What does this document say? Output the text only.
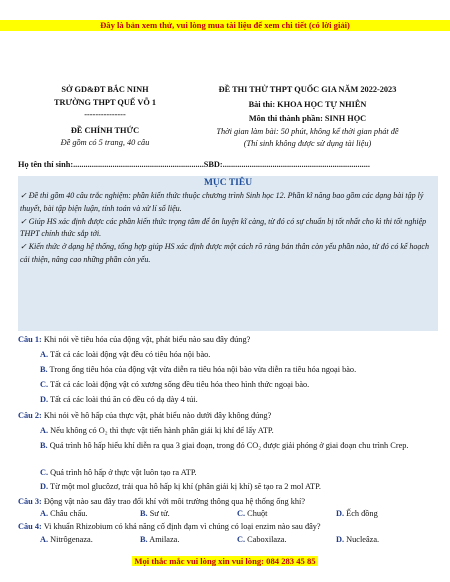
Đây là bản xem thử, vui lòng mua tài liệu để xem chi tiết (có lời giải)
SỞ GD&ĐT BẮC NINH
TRƯỜNG THPT QUẾ VÕ 1
---------------
ĐỀ CHÍNH THỨC
Đề gồm có 5 trang, 40 câu
ĐỀ THI THỬ THPT QUỐC GIA NĂM 2022-2023
Bài thi: KHOA HỌC TỰ NHIÊN
Môn thi thành phần: SINH HỌC
Thời gian làm bài: 50 phút, không kể thời gian phát đề
(Thí sinh không được sử dụng tài liệu)
Họ tên thí sinh:...............................................................SBD:.......................................................................
MỤC TIÊU
✓ Đề thi gồm 40 câu trắc nghiệm: phần kiến thức thuộc chương trình Sinh học 12. Phần kĩ năng bao gồm các dạng bài tập lý thuyết, bài tập biện luận, tính toán và xử lí số liệu.
✓ Giúp HS xác định được các phần kiến thức trọng tâm để ôn luyện kĩ càng, từ đó có sự chuẩn bị tốt nhất cho kì thi tốt nghiệp THPT chính thức sắp tới.
✓ Kiến thức ở dạng hệ thống, tổng hợp giúp HS xác định được một cách rõ ràng bản thân còn yếu phần nào, từ đó có kế hoạch cải thiện, nâng cao những phần còn yếu.
Câu 1: Khi nói về tiêu hóa của động vật, phát biểu nào sau đây đúng?
A. Tất cả các loài động vật đều có tiêu hóa nội bào.
B. Trong ống tiêu hóa của động vật vừa diễn ra tiêu hóa nội bào vừa diễn ra tiêu hóa ngoại bào.
C. Tất cả các loài động vật có xương sống đều tiêu hóa theo hình thức ngoại bào.
D. Tất cả các loài thú ăn cỏ đều có dạ dày 4 túi.
Câu 2: Khi nói về hô hấp của thực vật, phát biểu nào dưới đây không đúng?
A. Nếu không có O₂ thì thực vật tiến hành phân giải kị khí để lấy ATP.
B. Quá trình hô hấp hiếu khí diễn ra qua 3 giai đoạn, trong đó CO₂ được giải phóng ở giai đoạn chu trình Crep.
C. Quá trình hô hấp ở thực vật luôn tạo ra ATP.
D. Từ một mol glucôzơ, trải qua hô hấp kị khí (phân giải kị khí) sẽ tạo ra 2 mol ATP.
Câu 3: Động vật nào sau đây trao đổi khí với môi trường thông qua hệ thống ống khí?
A. Châu chấu.	B. Sư tử.	C. Chuột	D. Ếch đồng
Câu 4: Vi khuẩn Rhizobium có khả năng cố định đạm vì chúng có loại enzim nào sau đây?
A. Nitrôgenaza.	B. Amilaza.	C. Caboxilaza.	D. Nucleâza.
Mọi thắc mắc vui lòng xin vui lòng: 084 283 45 85
